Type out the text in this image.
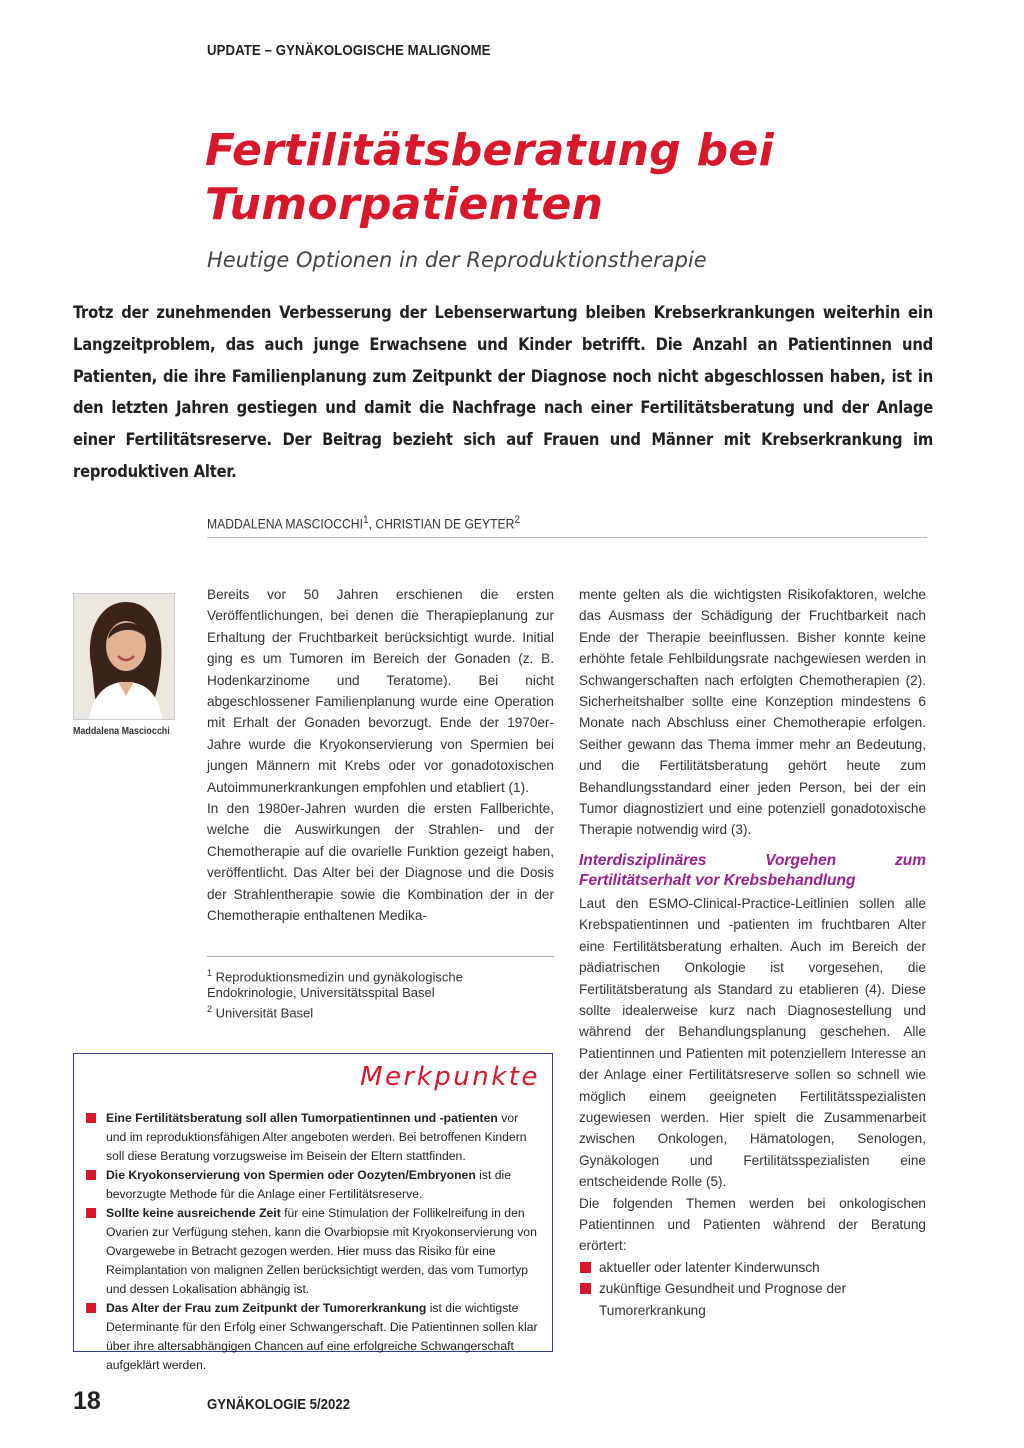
UPDATE – GYNÄKOLOGISCHE MALIGNOME
Fertilitätsberatung bei
Tumorpatienten
Heutige Optionen in der Reproduktionstherapie
Trotz der zunehmenden Verbesserung der Lebenserwartung bleiben Krebserkrankungen weiterhin ein Langzeitproblem, das auch junge Erwachsene und Kinder betrifft. Die Anzahl an Patientinnen und Patienten, die ihre Familienplanung zum Zeitpunkt der Diagnose noch nicht abgeschlossen haben, ist in den letzten Jahren gestiegen und damit die Nachfrage nach einer Fertilitätsberatung und der Anlage einer Fertilitätsreserve. Der Beitrag bezieht sich auf Frauen und Männer mit Krebserkrankung im reproduktiven Alter.
MADDALENA MASCIOCCHI$^1$, CHRISTIAN DE GEYTER$^2$
Maddalena Masciocchi

Bereits vor 50 Jahren erschienen die ersten Veröffentlichungen, bei denen die Therapieplanung zur Erhaltung der Fruchtbarkeit berücksichtigt wurde. Initial ging es um Tumoren im Bereich der Gonaden (z. B. Hodenkarzinome und Teratome). Bei nicht abgeschlossener Familienplanung wurde eine Operation mit Erhalt der Gonaden bevorzugt. Ende der 1970er-Jahre wurde die Kryokonservierung von Spermien bei jungen Männern mit Krebs oder vor gonadotoxischen Autoimmunerkrankungen empfohlen und etabliert (1).

In den 1980er-Jahren wurden die ersten Fallberichte, welche die Auswirkungen der Strahlen- und der Chemotherapie auf die ovarielle Funktion gezeigt haben, veröffentlicht. Das Alter bei der Diagnose und die Dosis der Strahlentherapie sowie die Kombination der in der Chemotherapie enthaltenen Medika-

$^1$ Reproduktionsmedizin und gynäkologische Endokrinologie, Universitätsspital Basel
$^2$ Universität Basel

mente gelten als die wichtigsten Risikofaktoren, welche das Ausmass der Schädigung der Fruchtbarkeit nach Ende der Therapie beeinflussen. Bisher konnte keine erhöhte fetale Fehlbildungsrate nachgewiesen werden in Schwangerschaften nach erfolgten Chemotherapien (2). Sicherheitshalber sollte eine Konzeption mindestens 6 Monate nach Abschluss einer Chemotherapie erfolgen. Seither gewann das Thema immer mehr an Bedeutung, und die Fertilitätsberatung gehört heute zum Behandlungsstandard einer jeden Person, bei der ein Tumor diagnostiziert und eine potenziell gonadotoxische Therapie notwendig wird (3).

Interdisziplinäres Vorgehen zum Fertilitätserhalt vor Krebsbehandlung

Laut den ESMO-Clinical-Practice-Leitlinien sollen alle Krebspatientinnen und -patienten im fruchtbaren Alter eine Fertilitätsberatung erhalten. Auch im Bereich der pädiatrischen Onkologie ist vorgesehen, die Fertilitätsberatung als Standard zu etablieren (4). Diese sollte idealerweise kurz nach Diagnosestellung und während der Behandlungsplanung geschehen. Alle Patientinnen und Patienten mit potenziellem Interesse an der Anlage einer Fertilitätsreserve sollen so schnell wie möglich einem geeigneten Fertilitätsspezialisten zugewiesen werden. Hier spielt die Zusammenarbeit zwischen Onkologen, Hämatologen, Senologen, Gynäkologen und Fertilitätsspezialisten eine entscheidende Rolle (5).

Die folgenden Themen werden bei onkologischen Patientinnen und Patienten während der Beratung erörtert:

aktueller oder latenter Kinderwunsch
zukünftige Gesundheit und Prognose der Tumorerkrankung
Merkpunkte
Eine Fertilitätsberatung soll allen Tumorpatientinnen und -patienten vor und im reproduktionsfähigen Alter angeboten werden. Bei betroffenen Kindern soll diese Beratung vorzugsweise im Beisein der Eltern stattfinden.
Die Kryokonservierung von Spermien oder Oozyten/Embryonen ist die bevorzugte Methode für die Anlage einer Fertilitätsreserve.
Sollte keine ausreichende Zeit für eine Stimulation der Follikelreifung in den Ovarien zur Verfügung stehen, kann die Ovarbiopsie mit Kryokonservierung von Ovargewebe in Betracht gezogen werden. Hier muss das Risiko für eine Reimplantation von malignen Zellen berücksichtigt werden, das vom Tumortyp und dessen Lokalisation abhängig ist.
Das Alter der Frau zum Zeitpunkt der Tumorerkrankung ist die wichtigste Determinante für den Erfolg einer Schwangerschaft. Die Patientinnen sollen klar über ihre altersabhängigen Chancen auf eine erfolgreiche Schwangerschaft aufgeklärt werden.
18	GYNÄKOLOGIE 5/2022
